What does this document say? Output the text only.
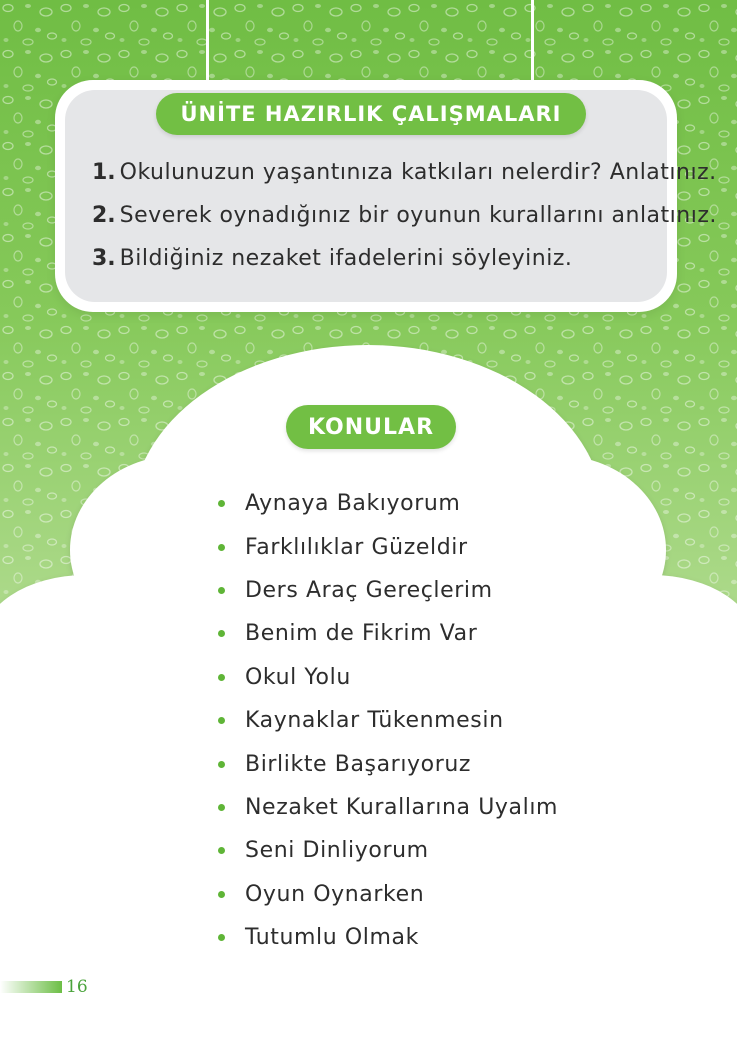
ÜNİTE HAZIRLIK ÇALIŞMALARI
1. Okulunuzun yaşantınıza katkıları nelerdir? Anlatınız.
2. Severek oynadığınız bir oyunun kurallarını anlatınız.
3. Bildiğiniz nezaket ifadelerini söyleyiniz.
KONULAR
Aynaya Bakıyorum
Farklılıklar Güzeldir
Ders Araç Gereçlerim
Benim de Fikrim Var
Okul Yolu
Kaynaklar Tükenmesin
Birlikte Başarıyoruz
Nezaket Kurallarına Uyalım
Seni Dinliyorum
Oyun Oynarken
Tutumlu Olmak
16
